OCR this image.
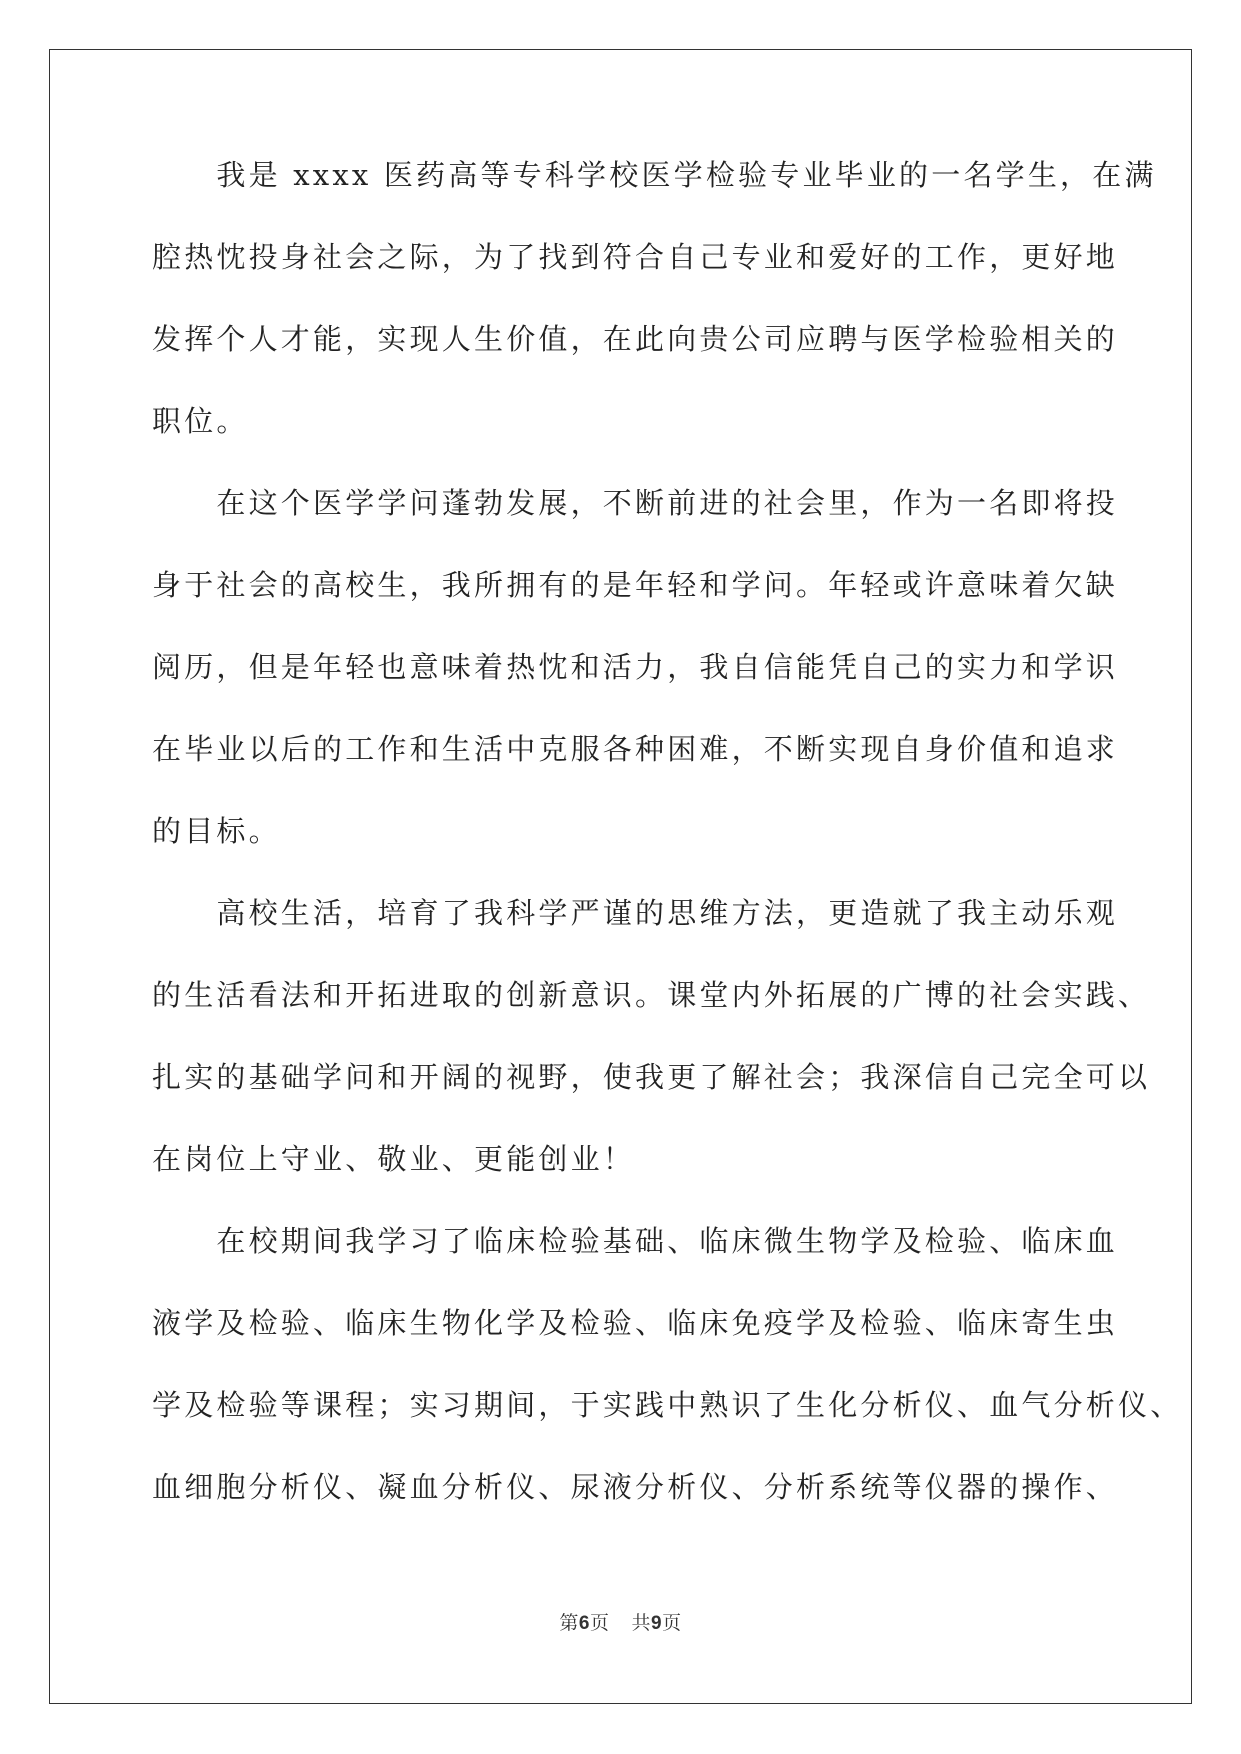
　　我是 xxxx 医药高等专科学校医学检验专业毕业的一名学生，在满

腔热忱投身社会之际，为了找到符合自己专业和爱好的工作，更好地

发挥个人才能，实现人生价值，在此向贵公司应聘与医学检验相关的

职位。

　　在这个医学学问蓬勃发展，不断前进的社会里，作为一名即将投

身于社会的高校生，我所拥有的是年轻和学问。年轻或许意味着欠缺

阅历，但是年轻也意味着热忱和活力，我自信能凭自己的实力和学识

在毕业以后的工作和生活中克服各种困难，不断实现自身价值和追求

的目标。

　　高校生活，培育了我科学严谨的思维方法，更造就了我主动乐观

的生活看法和开拓进取的创新意识。课堂内外拓展的广博的社会实践、

扎实的基础学问和开阔的视野，使我更了解社会；我深信自己完全可以

在岗位上守业、敬业、更能创业！

　　在校期间我学习了临床检验基础、临床微生物学及检验、临床血

液学及检验、临床生物化学及检验、临床免疫学及检验、临床寄生虫

学及检验等课程；实习期间，于实践中熟识了生化分析仪、血气分析仪、

血细胞分析仪、凝血分析仪、尿液分析仪、分析系统等仪器的操作、

第6页 共9页
